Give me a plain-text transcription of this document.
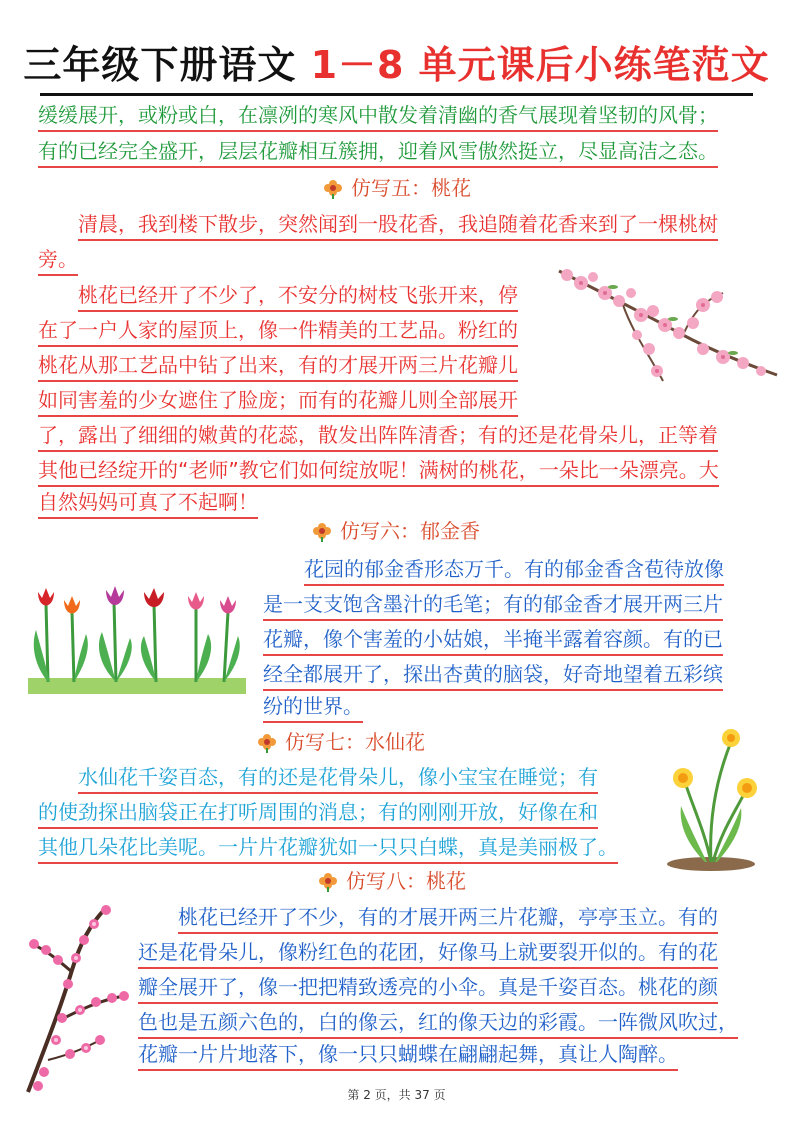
三年级下册语文 1－8 单元课后小练笔范文
缓缓展开，或粉或白，在凛冽的寒风中散发着清幽的香气展现着坚韧的风骨；
有的已经完全盛开，层层花瓣相互簇拥，迎着风雪傲然挺立，尽显高洁之态。
仿写五：桃花
清晨，我到楼下散步，突然闻到一股花香，我追随着花香来到了一棵桃树
旁。
桃花已经开了不少了，不安分的树枝飞张开来，停
在了一户人家的屋顶上，像一件精美的工艺品。粉红的
桃花从那工艺品中钻了出来，有的才展开两三片花瓣儿
如同害羞的少女遮住了脸庞；而有的花瓣儿则全部展开
了，露出了细细的嫩黄的花蕊，散发出阵阵清香；有的还是花骨朵儿，正等着
其他已经绽开的“老师”教它们如何绽放呢！满树的桃花，一朵比一朵漂亮。大
自然妈妈可真了不起啊！
仿写六：郁金香
花园的郁金香形态万千。有的郁金香含苞待放像
是一支支饱含墨汁的毛笔；有的郁金香才展开两三片
花瓣，像个害羞的小姑娘，半掩半露着容颜。有的已
经全都展开了，探出杏黄的脑袋，好奇地望着五彩缤
纷的世界。
仿写七：水仙花
水仙花千姿百态，有的还是花骨朵儿，像小宝宝在睡觉；有
的使劲探出脑袋正在打听周围的消息；有的刚刚开放，好像在和
其他几朵花比美呢。一片片花瓣犹如一只只白蝶，真是美丽极了。
仿写八：桃花
桃花已经开了不少，有的才展开两三片花瓣，亭亭玉立。有的
还是花骨朵儿，像粉红色的花团，好像马上就要裂开似的。有的花
瓣全展开了，像一把把精致透亮的小伞。真是千姿百态。桃花的颜
色也是五颜六色的，白的像云，红的像天边的彩霞。一阵微风吹过，
花瓣一片片地落下，像一只只蝴蝶在翩翩起舞，真让人陶醉。
第 2 页，共 37 页
